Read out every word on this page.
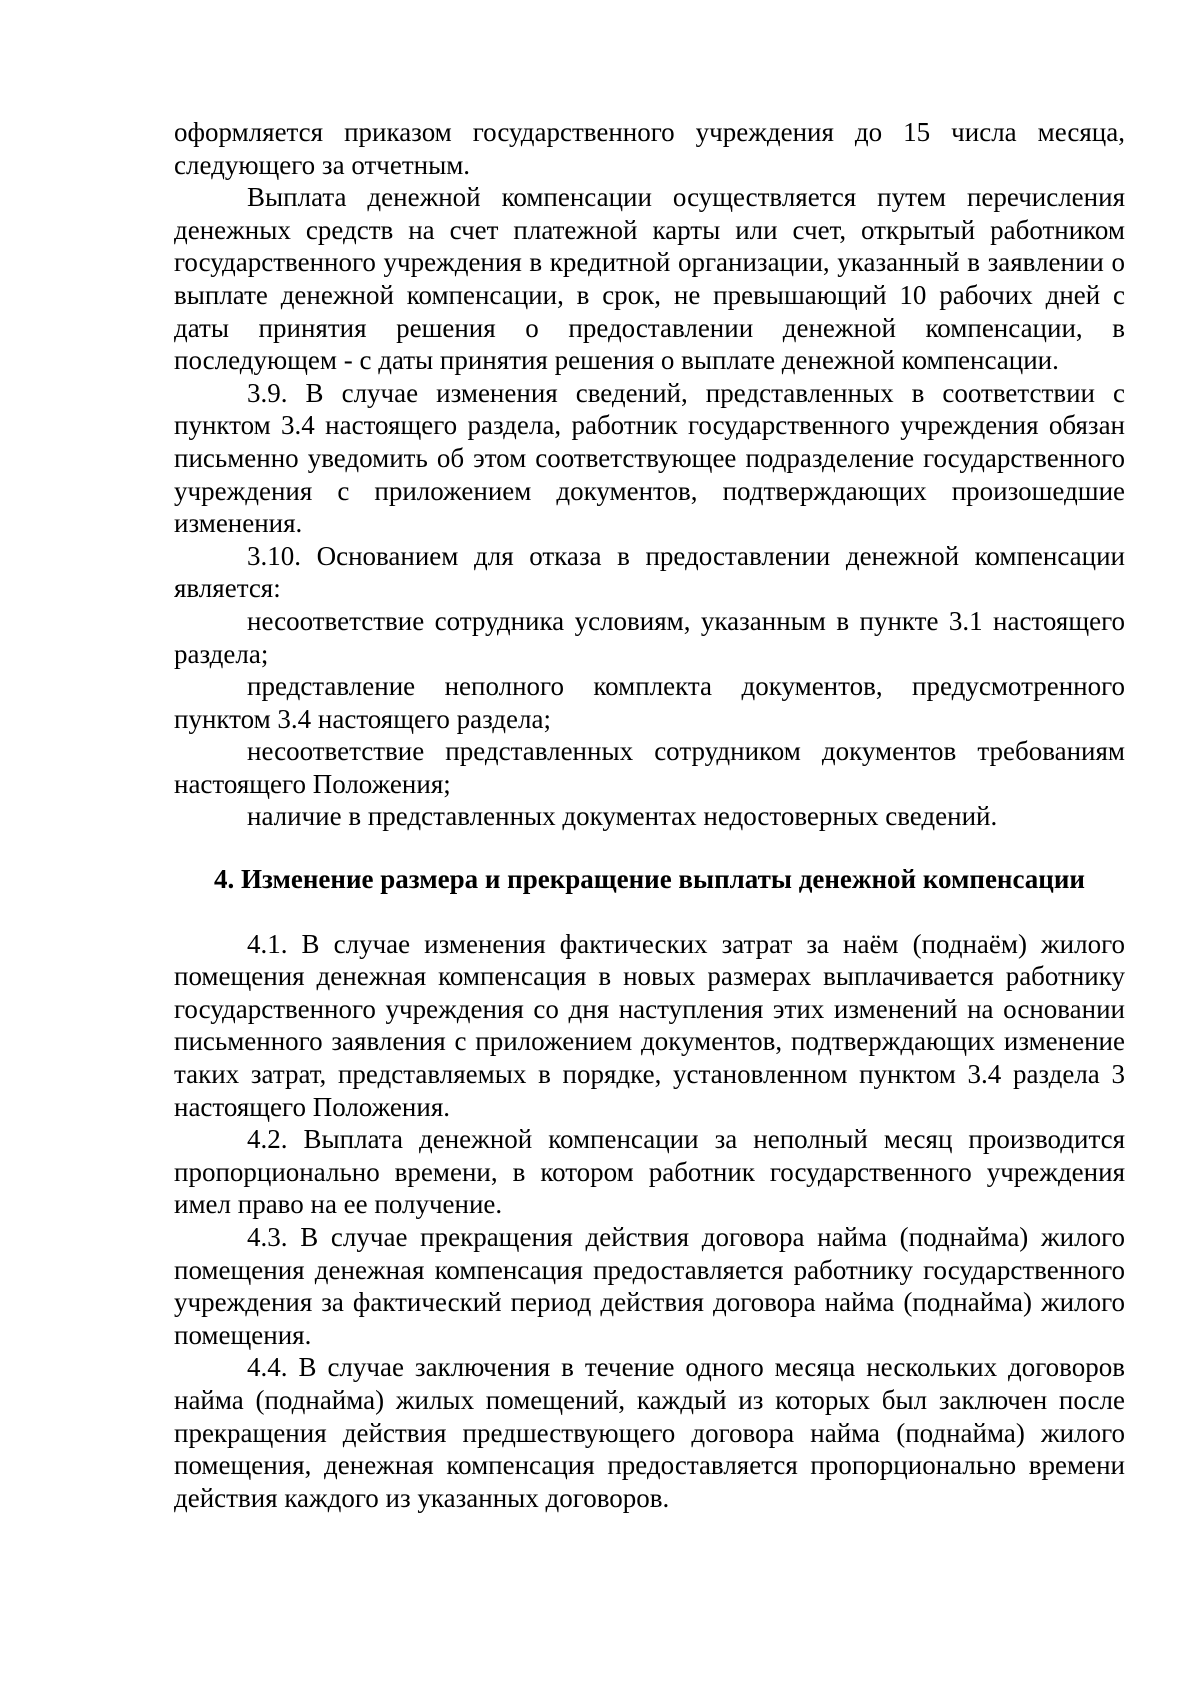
оформляется приказом государственного учреждения до 15 числа месяца, следующего за отчетным.

Выплата денежной компенсации осуществляется путем перечисления денежных средств на счет платежной карты или счет, открытый работником государственного учреждения в кредитной организации, указанный в заявлении о выплате денежной компенсации, в срок, не превышающий 10 рабочих дней с даты принятия решения о предоставлении денежной компенсации, в последующем - с даты принятия решения о выплате денежной компенсации.

3.9. В случае изменения сведений, представленных в соответствии с пунктом 3.4 настоящего раздела, работник государственного учреждения обязан письменно уведомить об этом соответствующее подразделение государственного учреждения с приложением документов, подтверждающих произошедшие изменения.

3.10. Основанием для отказа в предоставлении денежной компенсации является:

несоответствие сотрудника условиям, указанным в пункте 3.1 настоящего раздела;

представление неполного комплекта документов, предусмотренного пунктом 3.4 настоящего раздела;

несоответствие представленных сотрудником документов требованиям настоящего Положения;

наличие в представленных документах недостоверных сведений.

4. Изменение размера и прекращение выплаты денежной компенсации

4.1. В случае изменения фактических затрат за наём (поднаём) жилого помещения денежная компенсация в новых размерах выплачивается работнику государственного учреждения со дня наступления этих изменений на основании письменного заявления с приложением документов, подтверждающих изменение таких затрат, представляемых в порядке, установленном пунктом 3.4 раздела 3 настоящего Положения.

4.2. Выплата денежной компенсации за неполный месяц производится пропорционально времени, в котором работник государственного учреждения имел право на ее получение.

4.3. В случае прекращения действия договора найма (поднайма) жилого помещения денежная компенсация предоставляется работнику государственного учреждения за фактический период действия договора найма (поднайма) жилого помещения.

4.4. В случае заключения в течение одного месяца нескольких договоров найма (поднайма) жилых помещений, каждый из которых был заключен после прекращения действия предшествующего договора найма (поднайма) жилого помещения, денежная компенсация предоставляется пропорционально времени действия каждого из указанных договоров.
